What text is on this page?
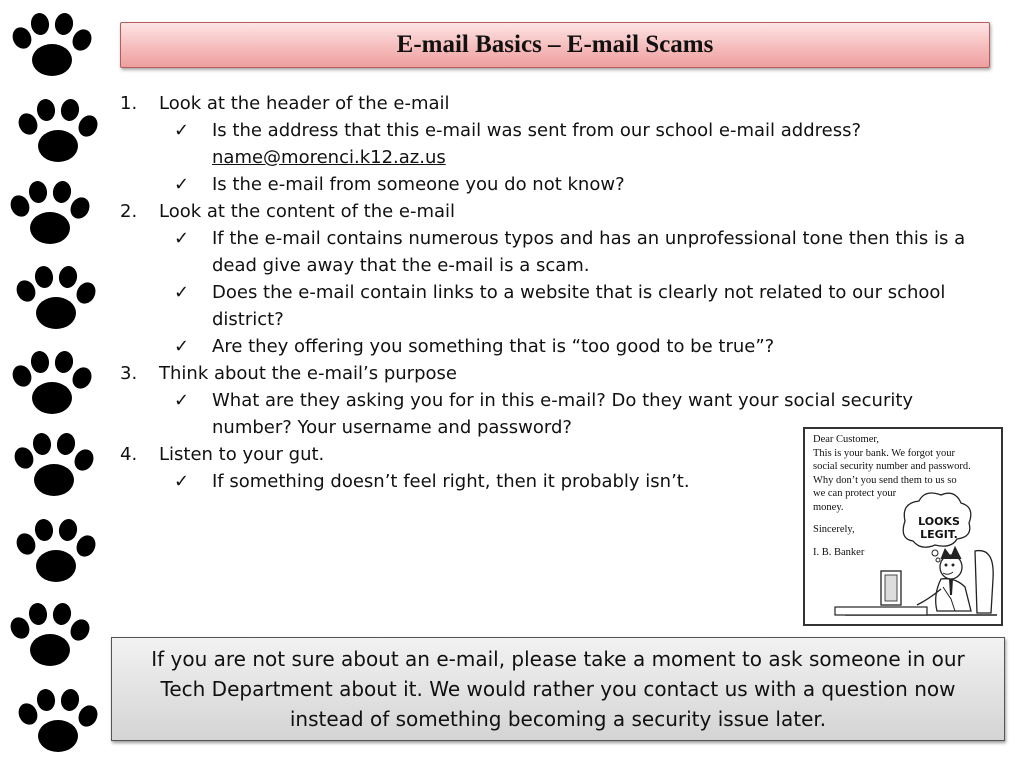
E-mail Basics – E-mail Scams
1.	Look at the header of the e-mail
✓	Is the address that this e-mail was sent from our school e-mail address?
name@morenci.k12.az.us
✓	Is the e-mail from someone you do not know?
2.	Look at the content of the e-mail
✓	If the e-mail contains numerous typos and has an unprofessional tone then this is a dead give away that the e-mail is a scam.
✓	Does the e-mail contain links to a website that is clearly not related to our school district?
✓	Are they offering you something that is “too good to be true”?
3.	Think about the e-mail’s purpose
✓	What are they asking you for in this e-mail? Do they want your social security number? Your username and password?
4.	Listen to your gut.
✓	If something doesn’t feel right, then it probably isn’t.
Dear Customer,
This is your bank. We forgot your
social security number and password.
Why don’t you send them to us so
we can protect your
money.
Sincerely,
I. B. Banker
LOOKS
LEGIT.
If you are not sure about an e-mail, please take a moment to ask someone in our Tech Department about it. We would rather you contact us with a question now instead of something becoming a security issue later.
